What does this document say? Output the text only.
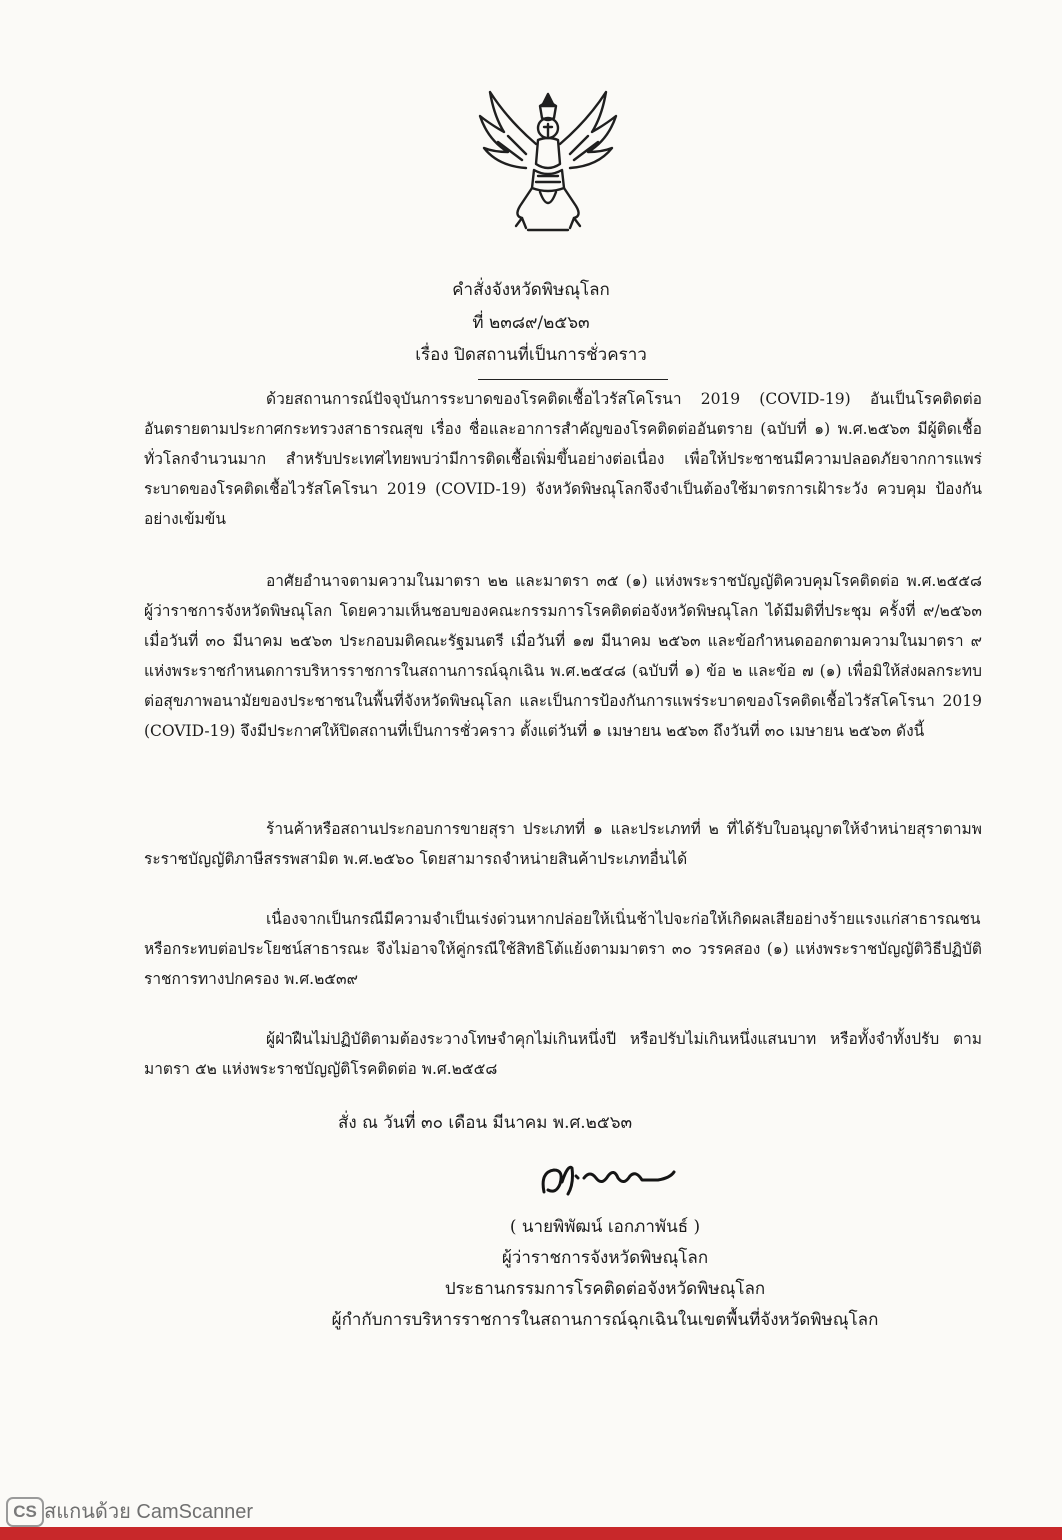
คำสั่งจังหวัดพิษณุโลก
ที่ ๒๓๘๙/๒๕๖๓
เรื่อง ปิดสถานที่เป็นการชั่วคราว

ด้วยสถานการณ์ปัจจุบันการระบาดของโรคติดเชื้อไวรัสโคโรนา 2019 (COVID-19) อันเป็นโรคติดต่ออันตรายตามประกาศกระทรวงสาธารณสุข เรื่อง ชื่อและอาการสำคัญของโรคติดต่ออันตราย (ฉบับที่ ๑) พ.ศ.๒๕๖๓ มีผู้ติดเชื้อทั่วโลกจำนวนมาก สำหรับประเทศไทยพบว่ามีการติดเชื้อเพิ่มขึ้นอย่างต่อเนื่อง เพื่อให้ประชาชนมีความปลอดภัยจากการแพร่ระบาดของโรคติดเชื้อไวรัสโคโรนา 2019 (COVID-19) จังหวัดพิษณุโลกจึงจำเป็นต้องใช้มาตรการเฝ้าระวัง ควบคุม ป้องกันอย่างเข้มข้น

อาศัยอำนาจตามความในมาตรา ๒๒ และมาตรา ๓๕ (๑) แห่งพระราชบัญญัติควบคุมโรคติดต่อ พ.ศ.๒๕๕๘ ผู้ว่าราชการจังหวัดพิษณุโลก โดยความเห็นชอบของคณะกรรมการโรคติดต่อจังหวัดพิษณุโลก ได้มีมติที่ประชุม ครั้งที่ ๙/๒๕๖๓ เมื่อวันที่ ๓๐ มีนาคม ๒๕๖๓ ประกอบมติคณะรัฐมนตรี เมื่อวันที่ ๑๗ มีนาคม ๒๕๖๓ และข้อกำหนดออกตามความในมาตรา ๙ แห่งพระราชกำหนดการบริหารราชการในสถานการณ์ฉุกเฉิน พ.ศ.๒๕๔๘ (ฉบับที่ ๑) ข้อ ๒ และข้อ ๗ (๑) เพื่อมิให้ส่งผลกระทบต่อสุขภาพอนามัยของประชาชนในพื้นที่จังหวัดพิษณุโลก และเป็นการป้องกันการแพร่ระบาดของโรคติดเชื้อไวรัสโคโรนา 2019 (COVID-19) จึงมีประกาศให้ปิดสถานที่เป็นการชั่วคราว ตั้งแต่วันที่ ๑ เมษายน ๒๕๖๓ ถึงวันที่ ๓๐ เมษายน ๒๕๖๓ ดังนี้

ร้านค้าหรือสถานประกอบการขายสุรา ประเภทที่ ๑ และประเภทที่ ๒ ที่ได้รับใบอนุญาตให้จำหน่ายสุราตามพระราชบัญญัติภาษีสรรพสามิต พ.ศ.๒๕๖๐ โดยสามารถจำหน่ายสินค้าประเภทอื่นได้

เนื่องจากเป็นกรณีมีความจำเป็นเร่งด่วนหากปล่อยให้เนิ่นช้าไปจะก่อให้เกิดผลเสียอย่างร้ายแรงแก่สาธารณชนหรือกระทบต่อประโยชน์สาธารณะ จึงไม่อาจให้คู่กรณีใช้สิทธิโต้แย้งตามมาตรา ๓๐ วรรคสอง (๑) แห่งพระราชบัญญัติวิธีปฏิบัติราชการทางปกครอง พ.ศ.๒๕๓๙

ผู้ฝ่าฝืนไม่ปฏิบัติตามต้องระวางโทษจำคุกไม่เกินหนึ่งปี หรือปรับไม่เกินหนึ่งแสนบาท หรือทั้งจำทั้งปรับ ตามมาตรา ๕๒ แห่งพระราชบัญญัติโรคติดต่อ พ.ศ.๒๕๕๘

สั่ง ณ วันที่ ๓๐ เดือน มีนาคม พ.ศ.๒๕๖๓
( นายพิพัฒน์ เอกภาพันธ์ )
ผู้ว่าราชการจังหวัดพิษณุโลก
ประธานกรรมการโรคติดต่อจังหวัดพิษณุโลก
ผู้กำกับการบริหารราชการในสถานการณ์ฉุกเฉินในเขตพื้นที่จังหวัดพิษณุโลก
CS สแกนด้วย CamScanner
